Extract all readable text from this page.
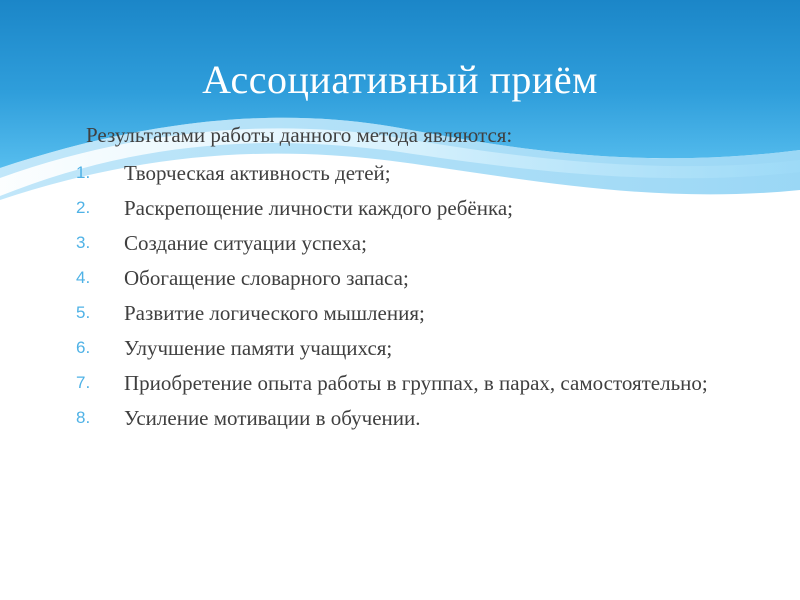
Ассоциативный приём

Результатами работы данного метода являются:

1.	Творческая активность детей;
2.	Раскрепощение личности каждого ребёнка;
3.	Создание ситуации успеха;
4.	Обогащение словарного запаса;
5.	Развитие логического мышления;
6.	Улучшение памяти учащихся;
7.	Приобретение опыта работы в группах, в парах, самостоятельно;
8.	Усиление мотивации в обучении.
